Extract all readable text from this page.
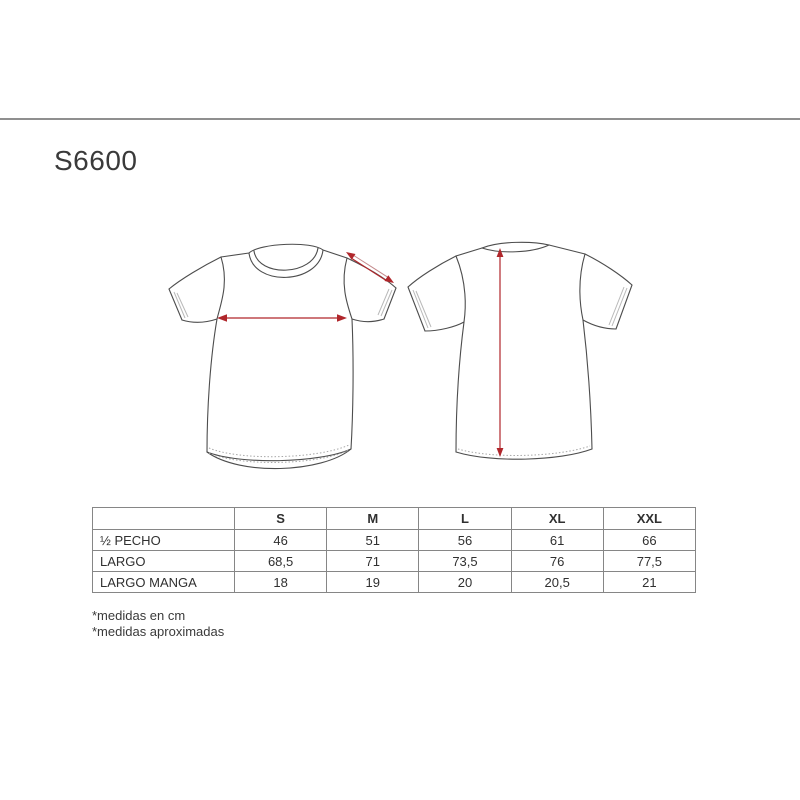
S6600
	S	M	L	XL	XXL
½ PECHO	46	51	56	61	66
LARGO	68,5	71	73,5	76	77,5
LARGO MANGA	18	19	20	20,5	21
*medidas en cm
*medidas aproximadas
